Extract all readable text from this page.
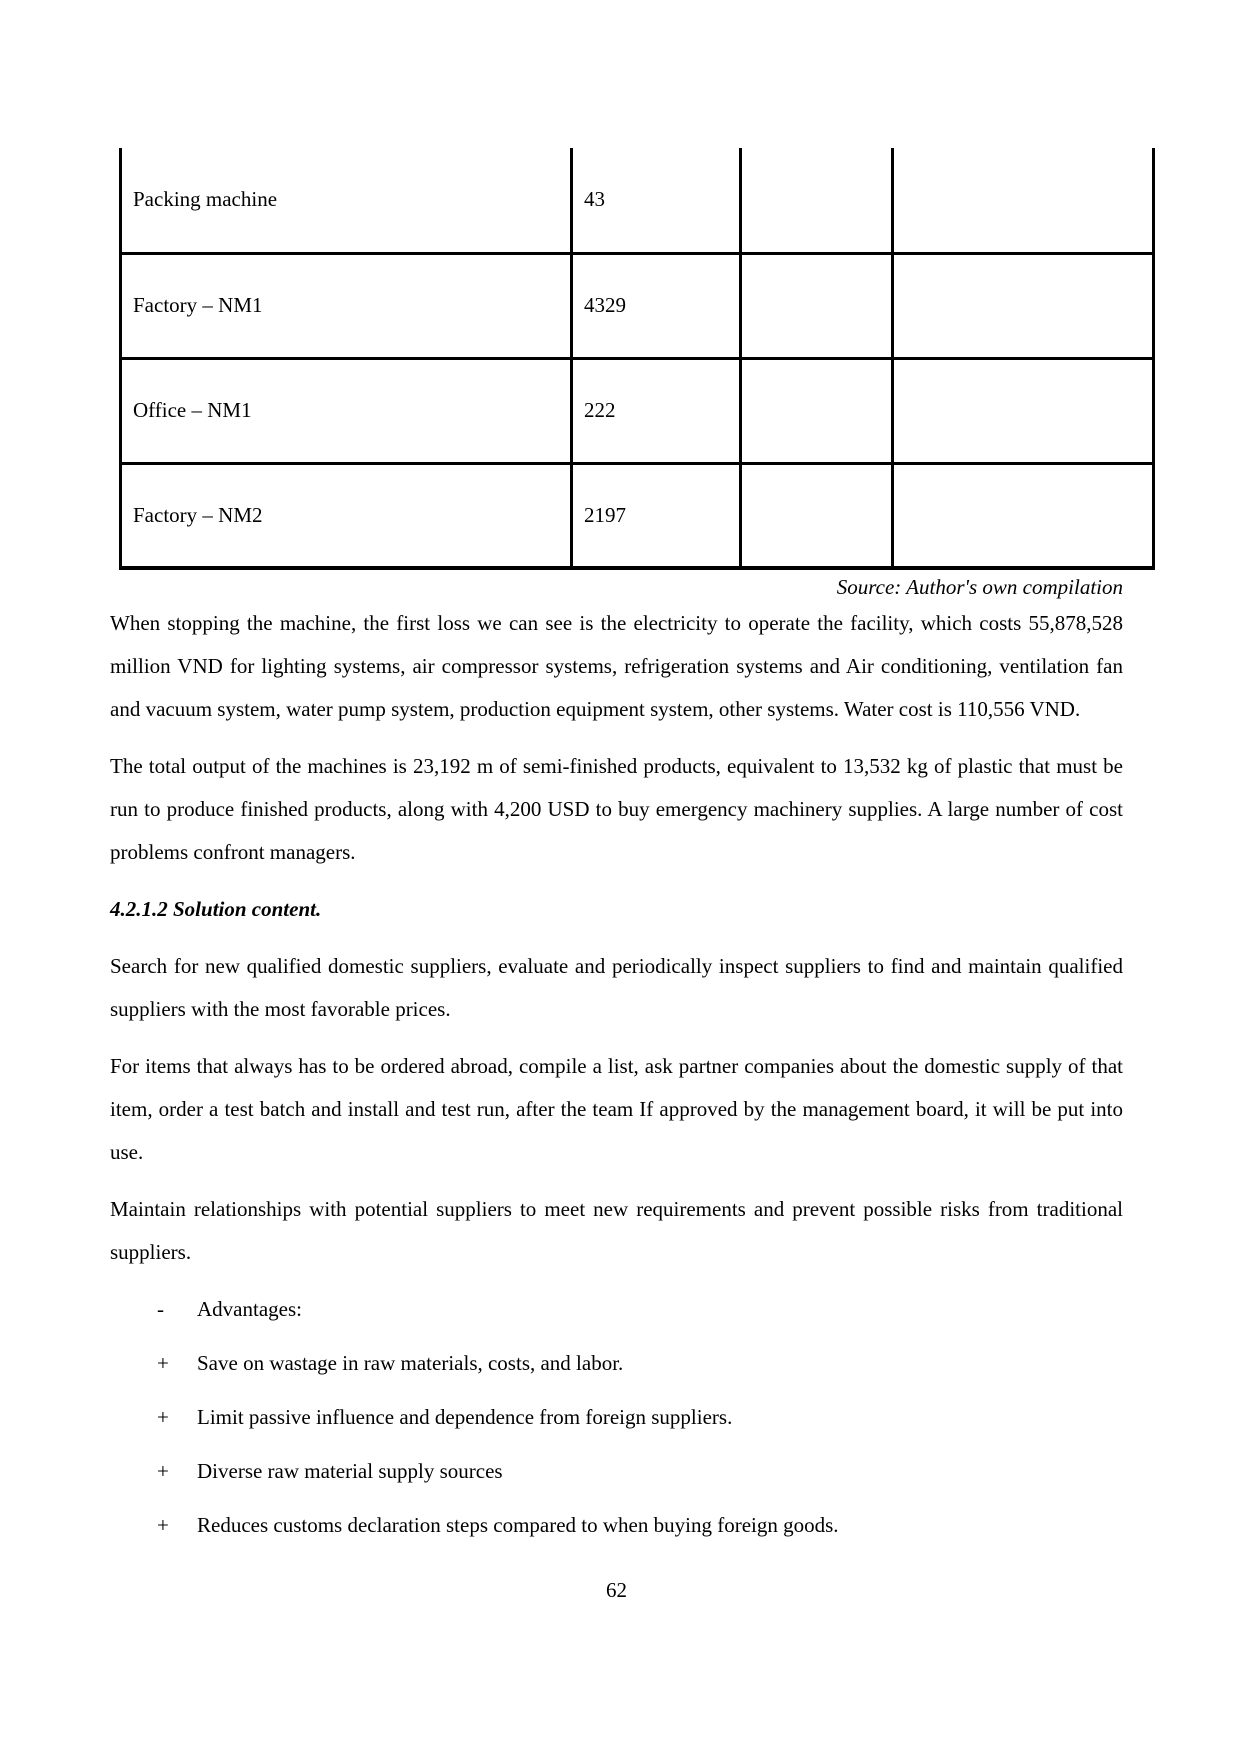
Packing machine	43		
Factory – NM1	4329		
Office – NM1	222		
Factory – NM2	2197		
Source: Author's own compilation

When stopping the machine, the first loss we can see is the electricity to operate the facility, which costs 55,878,528 million VND for lighting systems, air compressor systems, refrigeration systems and Air conditioning, ventilation fan and vacuum system, water pump system, production equipment system, other systems. Water cost is 110,556 VND.

The total output of the machines is 23,192 m of semi-finished products, equivalent to 13,532 kg of plastic that must be run to produce finished products, along with 4,200 USD to buy emergency machinery supplies. A large number of cost problems confront managers.

4.2.1.2 Solution content.

Search for new qualified domestic suppliers, evaluate and periodically inspect suppliers to find and maintain qualified suppliers with the most favorable prices.

For items that always has to be ordered abroad, compile a list, ask partner companies about the domestic supply of that item, order a test batch and install and test run, after the team If approved by the management board, it will be put into use.

Maintain relationships with potential suppliers to meet new requirements and prevent possible risks from traditional suppliers.

-	Advantages:
+	Save on wastage in raw materials, costs, and labor.
+	Limit passive influence and dependence from foreign suppliers.
+	Diverse raw material supply sources
+	Reduces customs declaration steps compared to when buying foreign goods.
62
